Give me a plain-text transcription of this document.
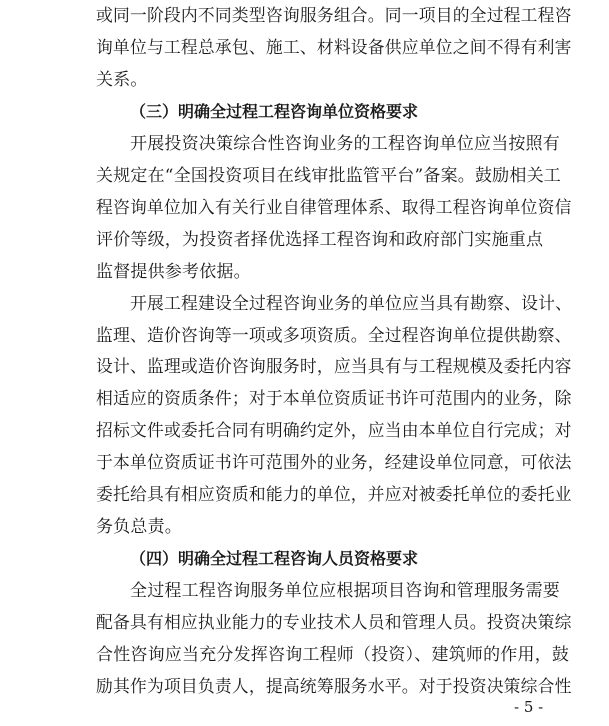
或同一阶段内不同类型咨询服务组合。同一项目的全过程工程咨
询单位与工程总承包、施工、材料设备供应单位之间不得有利害
关系。
（三）明确全过程工程咨询单位资格要求
开展投资决策综合性咨询业务的工程咨询单位应当按照有
关规定在“全国投资项目在线审批监管平台”备案。鼓励相关工
程咨询单位加入有关行业自律管理体系、取得工程咨询单位资信
评价等级，为投资者择优选择工程咨询和政府部门实施重点
监督提供参考依据。
开展工程建设全过程咨询业务的单位应当具有勘察、设计、
监理、造价咨询等一项或多项资质。全过程咨询单位提供勘察、
设计、监理或造价咨询服务时，应当具有与工程规模及委托内容
相适应的资质条件；对于本单位资质证书许可范围内的业务，除
招标文件或委托合同有明确约定外，应当由本单位自行完成；对
于本单位资质证书许可范围外的业务，经建设单位同意，可依法
委托给具有相应资质和能力的单位，并应对被委托单位的委托业
务负总责。
（四）明确全过程工程咨询人员资格要求
全过程工程咨询服务单位应根据项目咨询和管理服务需要
配备具有相应执业能力的专业技术人员和管理人员。投资决策综
合性咨询应当充分发挥咨询工程师（投资）、建筑师的作用，鼓
励其作为项目负责人，提高统筹服务水平。对于投资决策综合性
- 5 -
